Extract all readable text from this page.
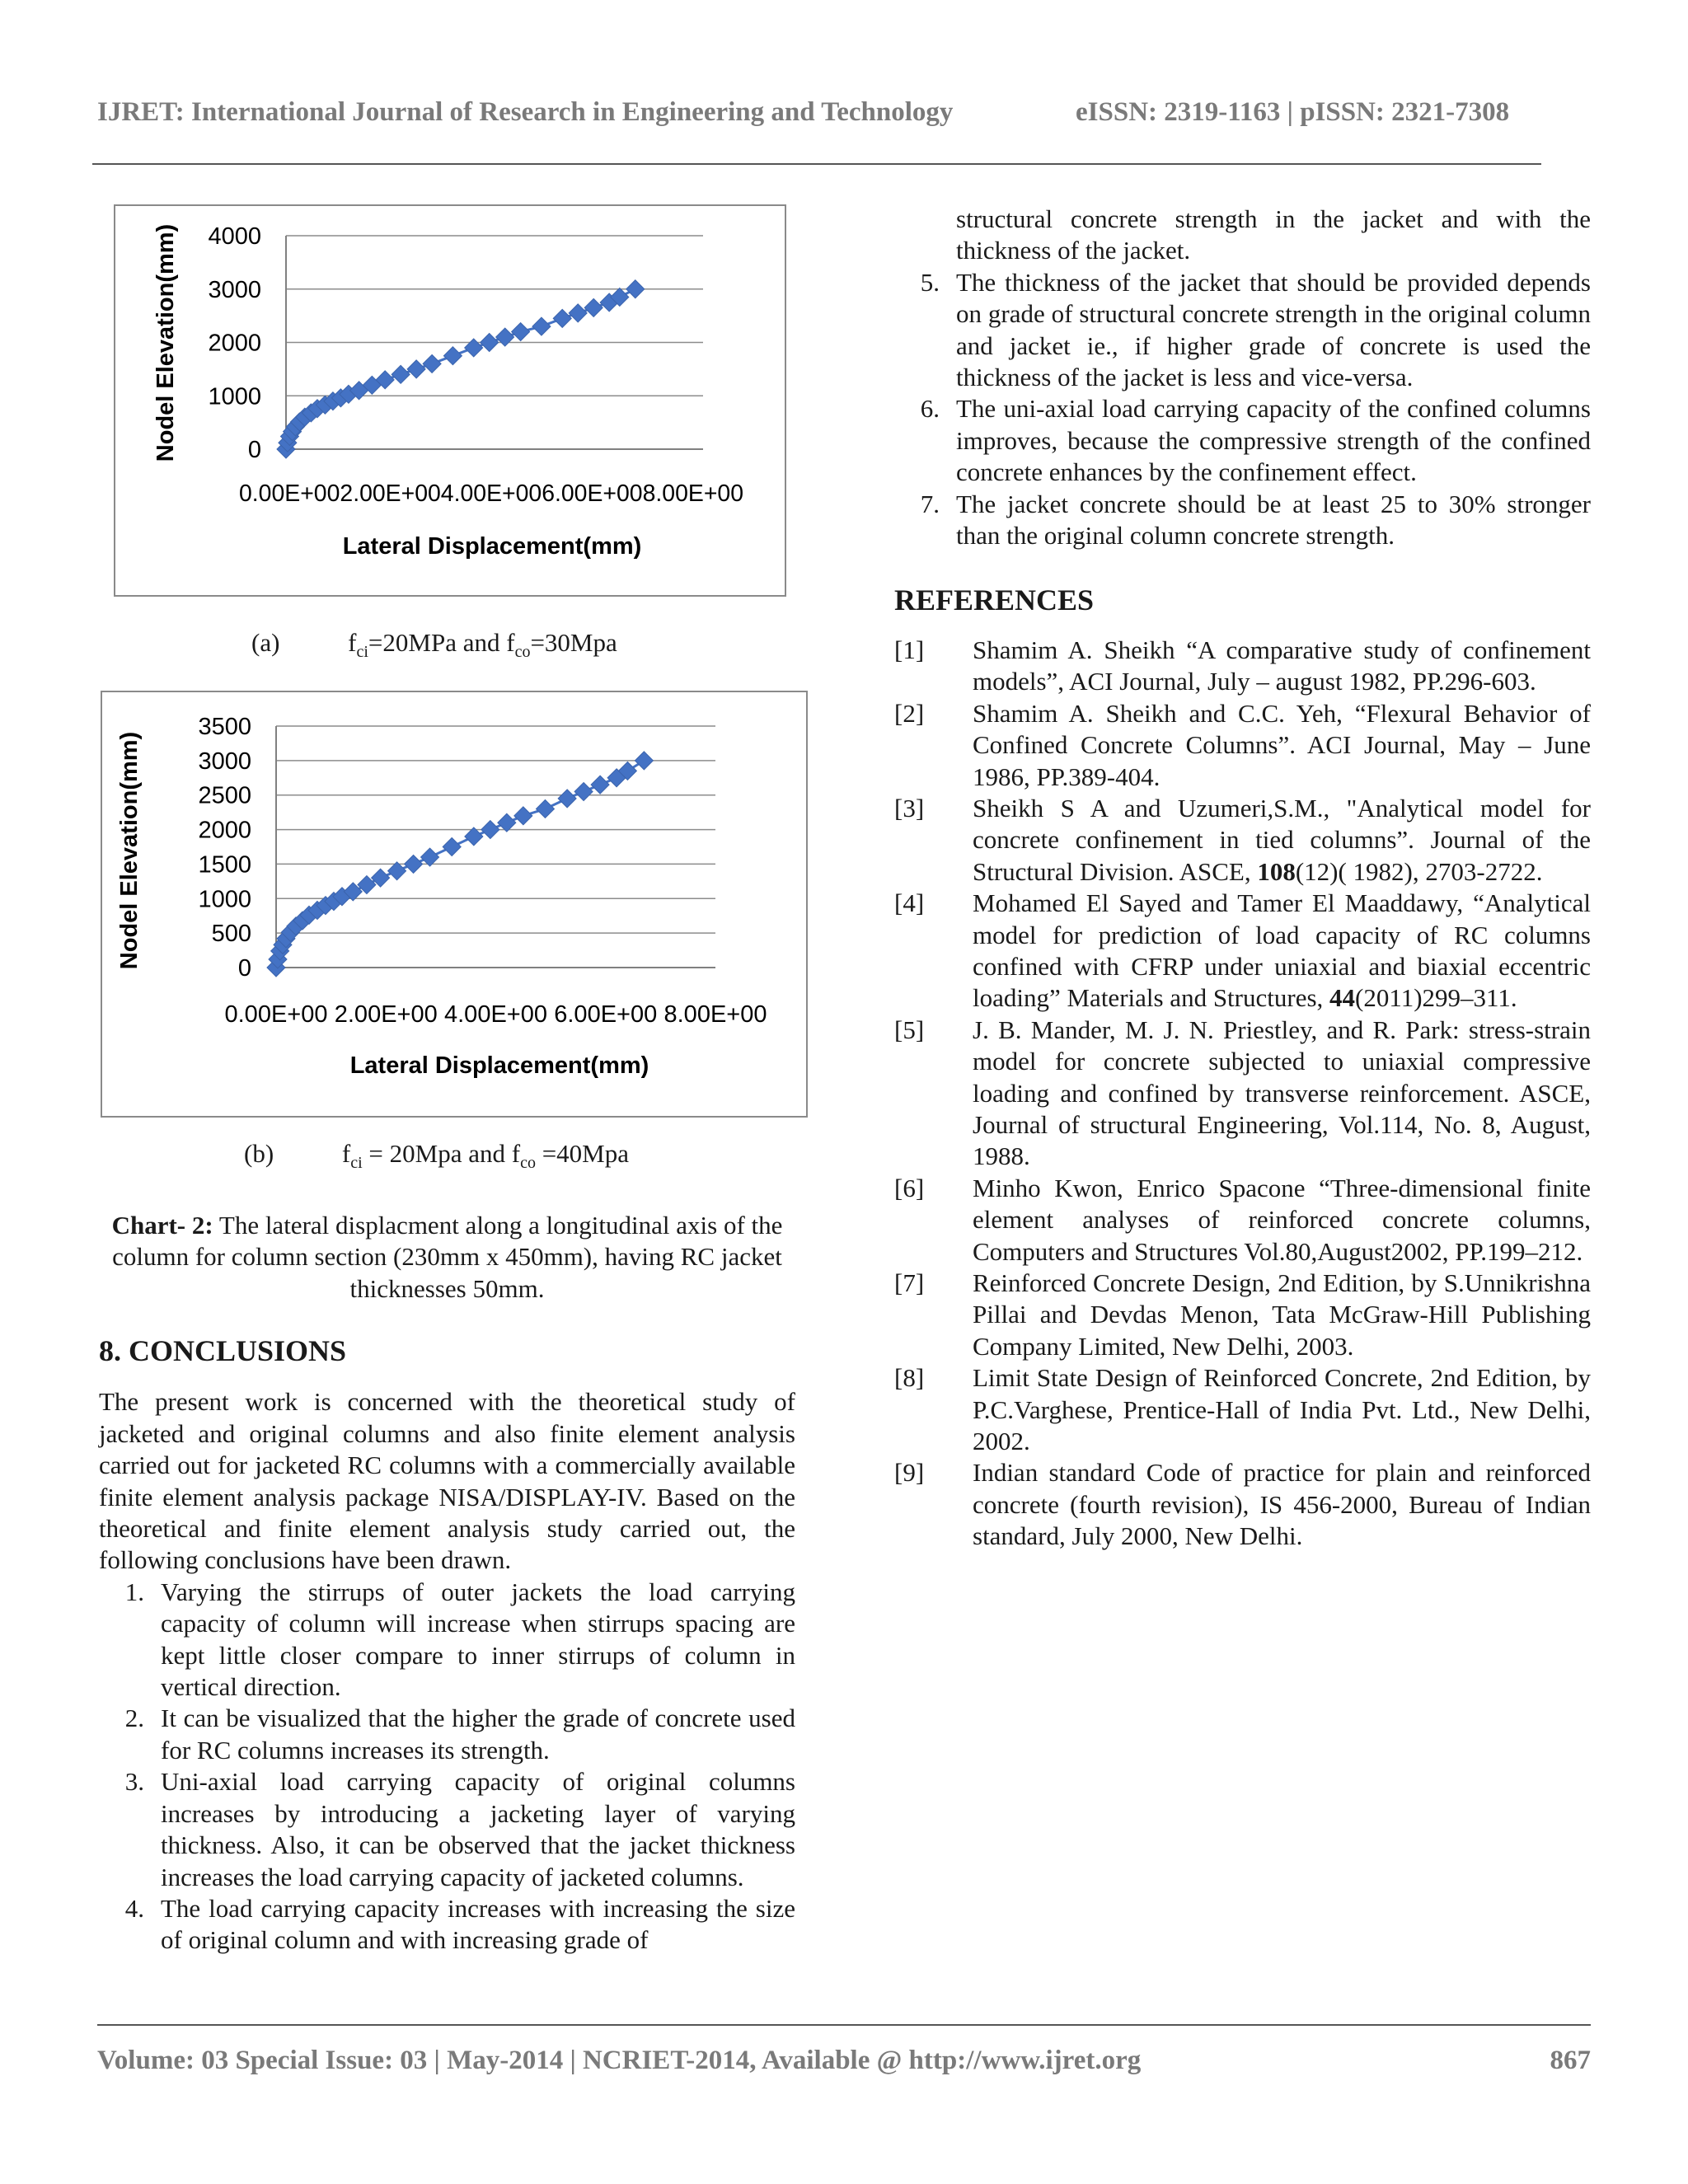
IJRET: International Journal of Research in Engineering and Technology	eISSN: 2319-1163 | pISSN: 2321-7308
0
1000
2000
3000
4000
0.00E+002.00E+004.00E+006.00E+008.00E+00
Lateral Displacement(mm)
Nodel Elevation(mm)
(a)	$f_{ci}=20MPa$ and $f_{co}=30Mpa$
0
500
1000
1500
2000
2500
3000
3500
0.00E+00 2.00E+00 4.00E+00 6.00E+00 8.00E+00
Lateral Displacement(mm)
Nodel Elevation(mm)
(b)	$f_{ci} = 20Mpa$ and $f_{co} =40Mpa$
Chart- 2: The lateral displacment along a longitudinal axis of the column for column section (230mm x 450mm), having RC jacket thicknesses 50mm.
8. CONCLUSIONS
The present work is concerned with the theoretical study of jacketed and original columns and also finite element analysis carried out for jacketed RC columns with a commercially available finite element analysis package NISA/DISPLAY-IV. Based on the theoretical and finite element analysis study carried out, the following conclusions have been drawn.
1. Varying the stirrups of outer jackets the load carrying capacity of column will increase when stirrups spacing are kept little closer compare to inner stirrups of column in vertical direction.
2. It can be visualized that the higher the grade of concrete used for RC columns increases its strength.
3. Uni-axial load carrying capacity of original columns increases by introducing a jacketing layer of varying thickness. Also, it can be observed that the jacket thickness increases the load carrying capacity of jacketed columns.
4. The load carrying capacity increases with increasing the size of original column and with increasing grade of
structural concrete strength in the jacket and with the thickness of the jacket.
5. The thickness of the jacket that should be provided depends on grade of structural concrete strength in the original column and jacket ie., if higher grade of concrete is used the thickness of the jacket is less and vice-versa.
6. The uni-axial load carrying capacity of the confined columns improves, because the compressive strength of the confined concrete enhances by the confinement effect.
7. The jacket concrete should be at least 25 to 30% stronger than the original column concrete strength.
REFERENCES
[1] Shamim A. Sheikh “A comparative study of confinement models”, ACI Journal, July – august 1982, PP.296-603.
[2] Shamim A. Sheikh and C.C. Yeh, “Flexural Behavior of Confined Concrete Columns”. ACI Journal, May – June 1986, PP.389-404.
[3] Sheikh S A and Uzumeri,S.M., "Analytical model for concrete confinement in tied columns”. Journal of the Structural Division. ASCE, 108(12)( 1982), 2703-2722.
[4] Mohamed El Sayed and Tamer El Maaddawy, “Analytical model for prediction of load capacity of RC columns confined with CFRP under uniaxial and biaxial eccentric loading” Materials and Structures, 44(2011)299–311.
[5] J. B. Mander, M. J. N. Priestley, and R. Park: stress-strain model for concrete subjected to uniaxial compressive loading and confined by transverse reinforcement. ASCE, Journal of structural Engineering, Vol.114, No. 8, August, 1988.
[6] Minho Kwon, Enrico Spacone “Three-dimensional finite element analyses of reinforced concrete columns, Computers and Structures Vol.80,August2002, PP.199–212.
[7] Reinforced Concrete Design, 2nd Edition, by S.Unnikrishna Pillai and Devdas Menon, Tata McGraw-Hill Publishing Company Limited, New Delhi, 2003.
[8] Limit State Design of Reinforced Concrete, 2nd Edition, by P.C.Varghese, Prentice-Hall of India Pvt. Ltd., New Delhi, 2002.
[9] Indian standard Code of practice for plain and reinforced concrete (fourth revision), IS 456-2000, Bureau of Indian standard, July 2000, New Delhi.
Volume: 03 Special Issue: 03 | May-2014 | NCRIET-2014, Available @ http://www.ijret.org	867
